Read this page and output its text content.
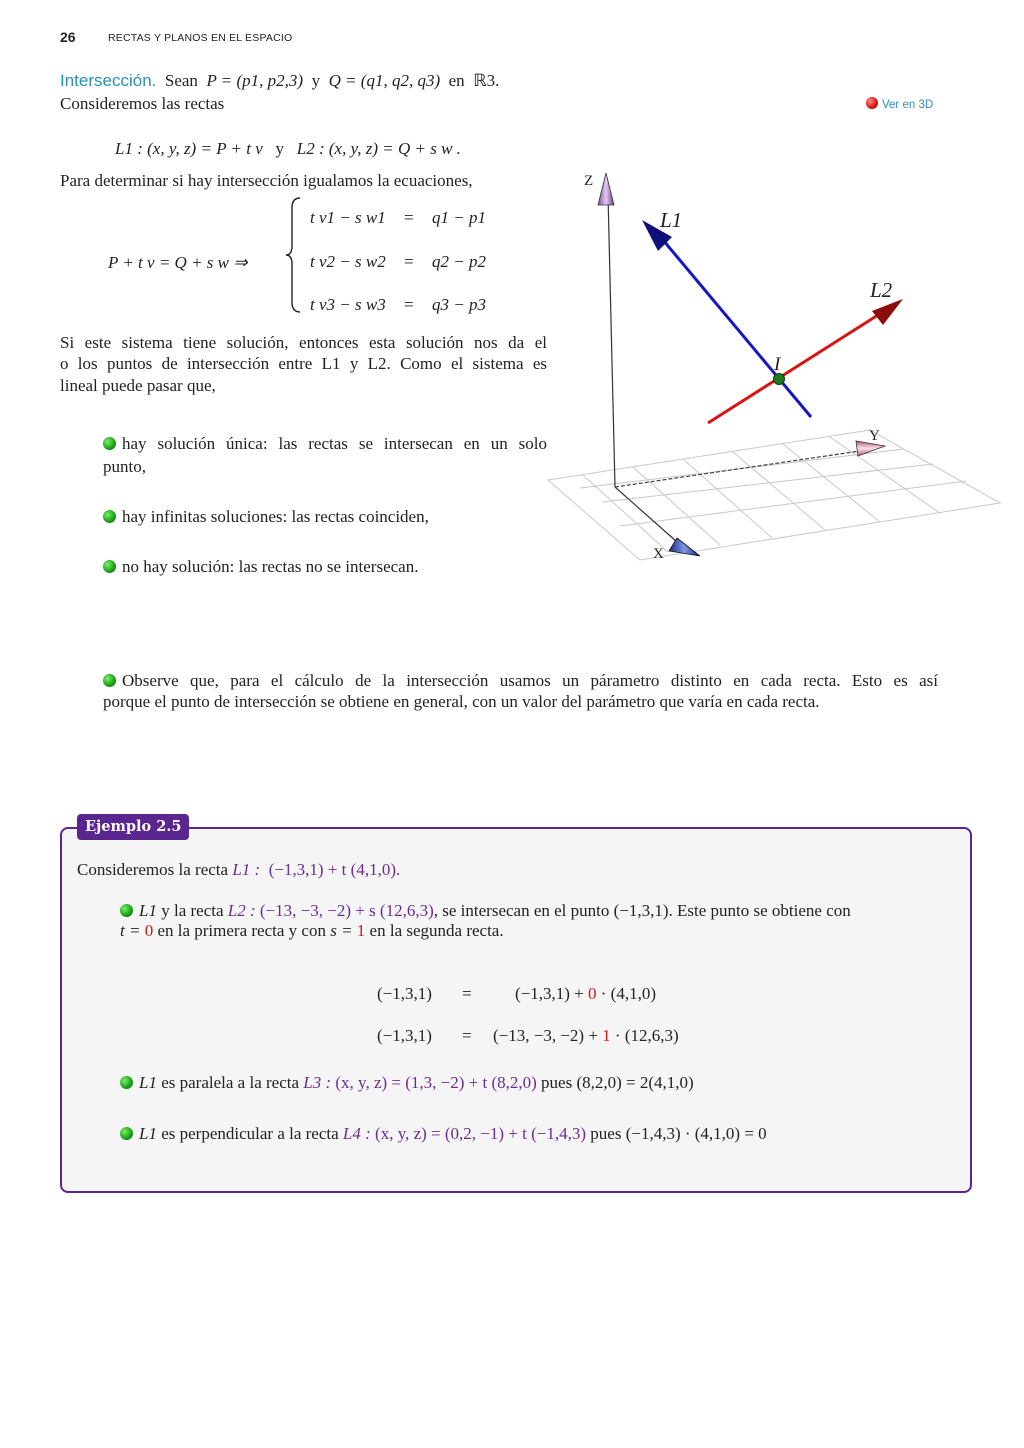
26	RECTAS Y PLANOS EN EL ESPACIO
Intersección. Sean P = (p1, p2,3) y Q = (q1, q2, q3) en ℝ3.
Consideremos las rectas	Ver en 3D
L1 : (x, y, z) = P + t v y L2 : (x, y, z) = Q + s w .
Para determinar si hay intersección igualamos la ecuaciones,
P + t v = Q + s w ⇒
t v1 − s w1 = q1 − p1
t v2 − s w2 = q2 − p2
t v3 − s w3 = q3 − p3
Si este sistema tiene solución, entonces esta solución nos da el
o los puntos de intersección entre L1 y L2. Como el sistema es
lineal puede pasar que,
hay solución única: las rectas se intersecan en un solo
punto,
hay infinitas soluciones: las rectas coinciden,
no hay solución: las rectas no se intersecan.
Z
Y
X
L1
L2
I
Observe que, para el cálculo de la intersección usamos un párametro distinto en cada recta. Esto es así
porque el punto de intersección se obtiene en general, con un valor del parámetro que varía en cada recta.
Ejemplo 2.5
Consideremos la recta L1 : (−1,3,1) + t (4,1,0).
L1 y la recta L2 : (−13, −3, −2) + s (12,6,3), se intersecan en el punto (−1,3,1). Este punto se obtiene con
t = 0 en la primera recta y con s = 1 en la segunda recta.
(−1,3,1) =	(−1,3,1) + 0 · (4,1,0)
(−1,3,1) = (−13, −3, −2) + 1 · (12,6,3)
L1 es paralela a la recta L3 : (x, y, z) = (1,3, −2) + t (8,2,0) pues (8,2,0) = 2(4,1,0)
L1 es perpendicular a la recta L4 : (x, y, z) = (0,2, −1) + t (−1,4,3) pues (−1,4,3) · (4,1,0) = 0
